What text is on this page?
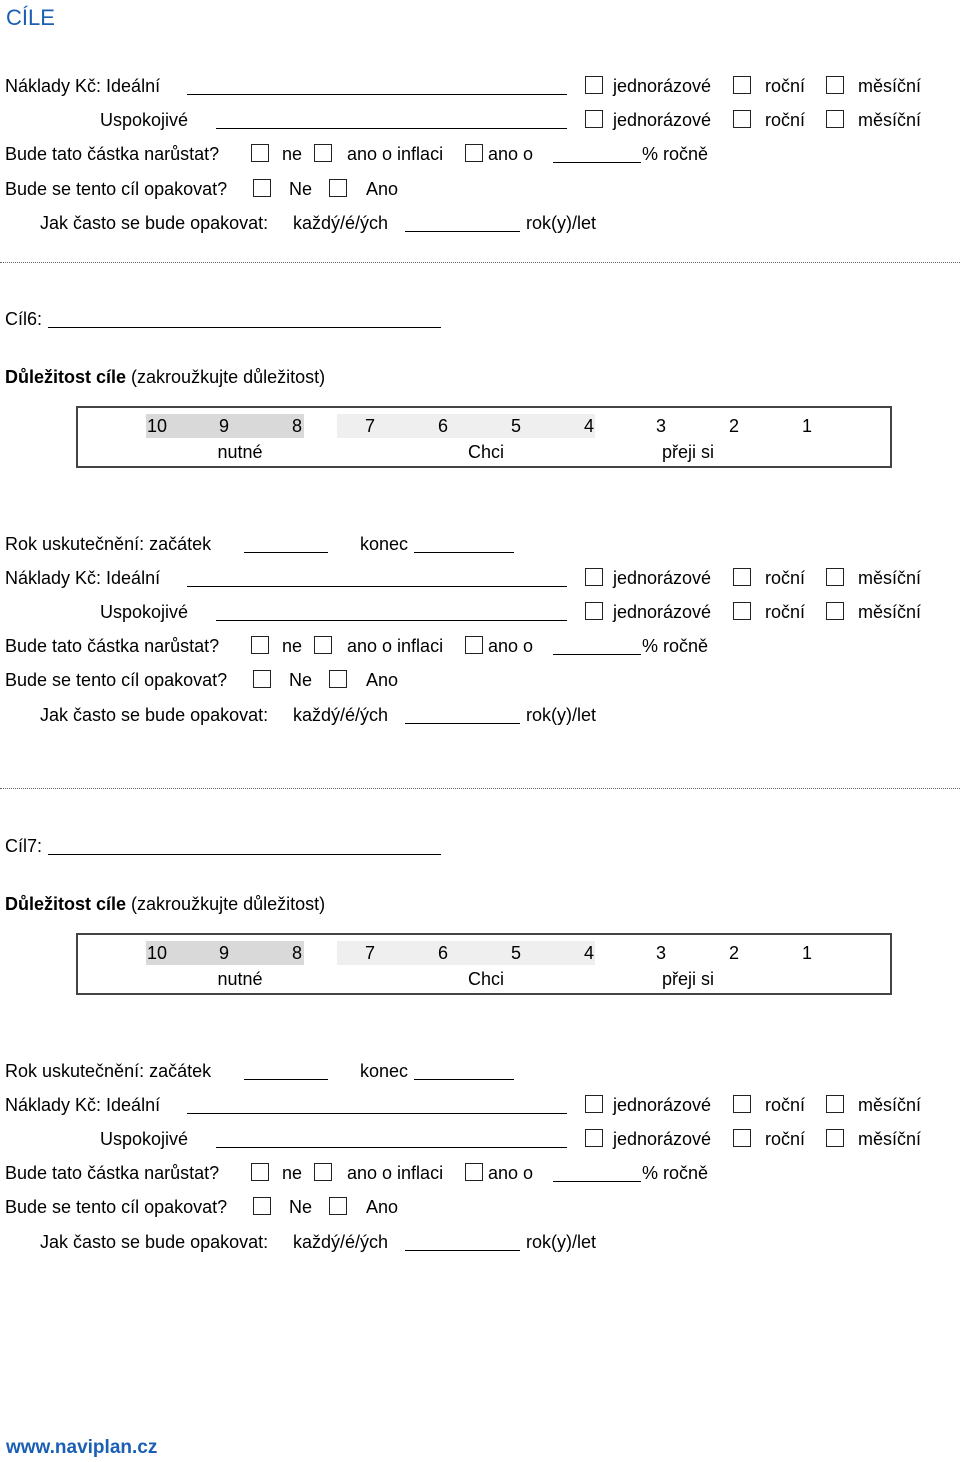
CÍLE
Náklady Kč: Ideální	jednorázové	roční	měsíční
Uspokojivé	jednorázové	roční	měsíční
Bude tato částka narůstat?	ne ano o inflaci ano o	% ročně
Bude se tento cíl opakovat?	Ne	Ano
Jak často se bude opakovat: každý/é/ých	rok(y)/let
Cíl6:
Důležitost cíle (zakroužkujte důležitost)
10	9	8	7	6	5	4	3	2	1
nutné	Chci	přeji si
Rok uskutečnění: začátek	konec
Náklady Kč: Ideální	jednorázové	roční	měsíční
Uspokojivé	jednorázové	roční	měsíční
Bude tato částka narůstat?	ne ano o inflaci ano o	% ročně
Bude se tento cíl opakovat?	Ne	Ano
Jak často se bude opakovat: každý/é/ých	rok(y)/let
Cíl7:
Důležitost cíle (zakroužkujte důležitost)
10	9	8	7	6	5	4	3	2	1
nutné	Chci	přeji si
Rok uskutečnění: začátek	konec
Náklady Kč: Ideální	jednorázové	roční	měsíční
Uspokojivé	jednorázové	roční	měsíční
Bude tato částka narůstat?	ne ano o inflaci ano o	% ročně
Bude se tento cíl opakovat?	Ne	Ano
Jak často se bude opakovat: každý/é/ých	rok(y)/let
www.naviplan.cz
